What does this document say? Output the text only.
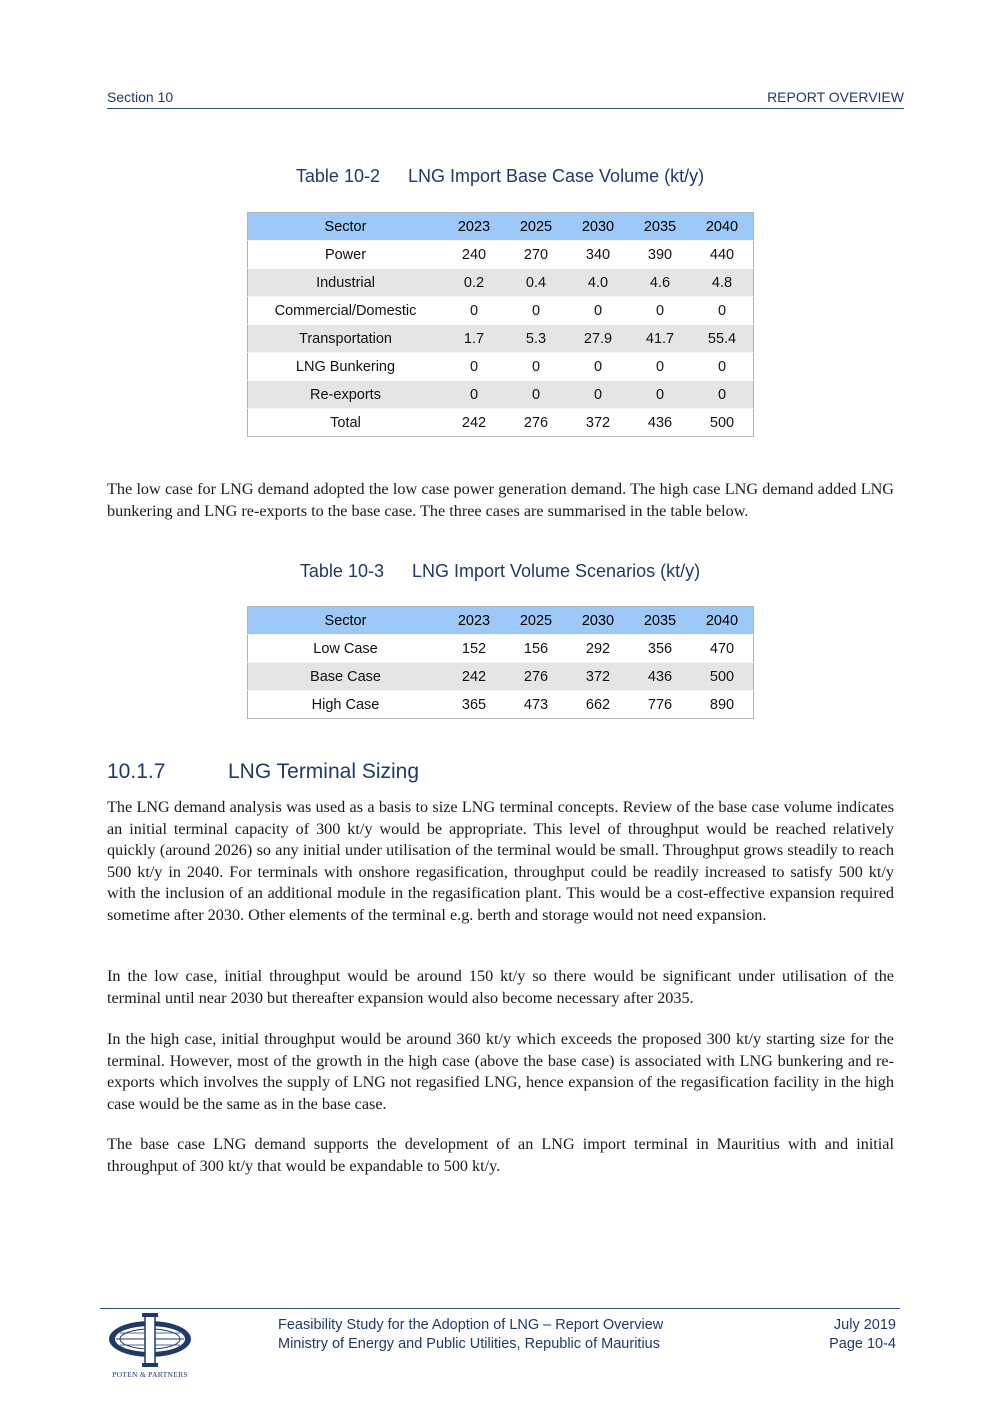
Section 10	REPORT OVERVIEW
Table 10-2 LNG Import Base Case Volume (kt/y)
Sector	2023	2025	2030	2035	2040
Power	240	270	340	390	440
Industrial	0.2	0.4	4.0	4.6	4.8
Commercial/Domestic	0	0	0	0	0
Transportation	1.7	5.3	27.9	41.7	55.4
LNG Bunkering	0	0	0	0	0
Re-exports	0	0	0	0	0
Total	242	276	372	436	500

The low case for LNG demand adopted the low case power generation demand. The high case LNG demand added LNG bunkering and LNG re-exports to the base case. The three cases are summarised in the table below.

Table 10-3 LNG Import Volume Scenarios (kt/y)
Sector	2023	2025	2030	2035	2040
Low Case	152	156	292	356	470
Base Case	242	276	372	436	500
High Case	365	473	662	776	890
10.1.7	LNG Terminal Sizing

The LNG demand analysis was used as a basis to size LNG terminal concepts. Review of the base case volume indicates an initial terminal capacity of 300 kt/y would be appropriate. This level of throughput would be reached relatively quickly (around 2026) so any initial under utilisation of the terminal would be small. Throughput grows steadily to reach 500 kt/y in 2040. For terminals with onshore regasification, throughput could be readily increased to satisfy 500 kt/y with the inclusion of an additional module in the regasification plant. This would be a cost-effective expansion required sometime after 2030. Other elements of the terminal e.g. berth and storage would not need expansion.

In the low case, initial throughput would be around 150 kt/y so there would be significant under utilisation of the terminal until near 2030 but thereafter expansion would also become necessary after 2035.

In the high case, initial throughput would be around 360 kt/y which exceeds the proposed 300 kt/y starting size for the terminal. However, most of the growth in the high case (above the base case) is associated with LNG bunkering and re-exports which involves the supply of LNG not regasified LNG, hence expansion of the regasification facility in the high case would be the same as in the base case.

The base case LNG demand supports the development of an LNG import terminal in Mauritius with and initial throughput of 300 kt/y that would be expandable to 500 kt/y.

POTEN & PARTNERS
Feasibility Study for the Adoption of LNG – Report Overview
Ministry of Energy and Public Utilities, Republic of Mauritius
July 2019
Page 10-4
